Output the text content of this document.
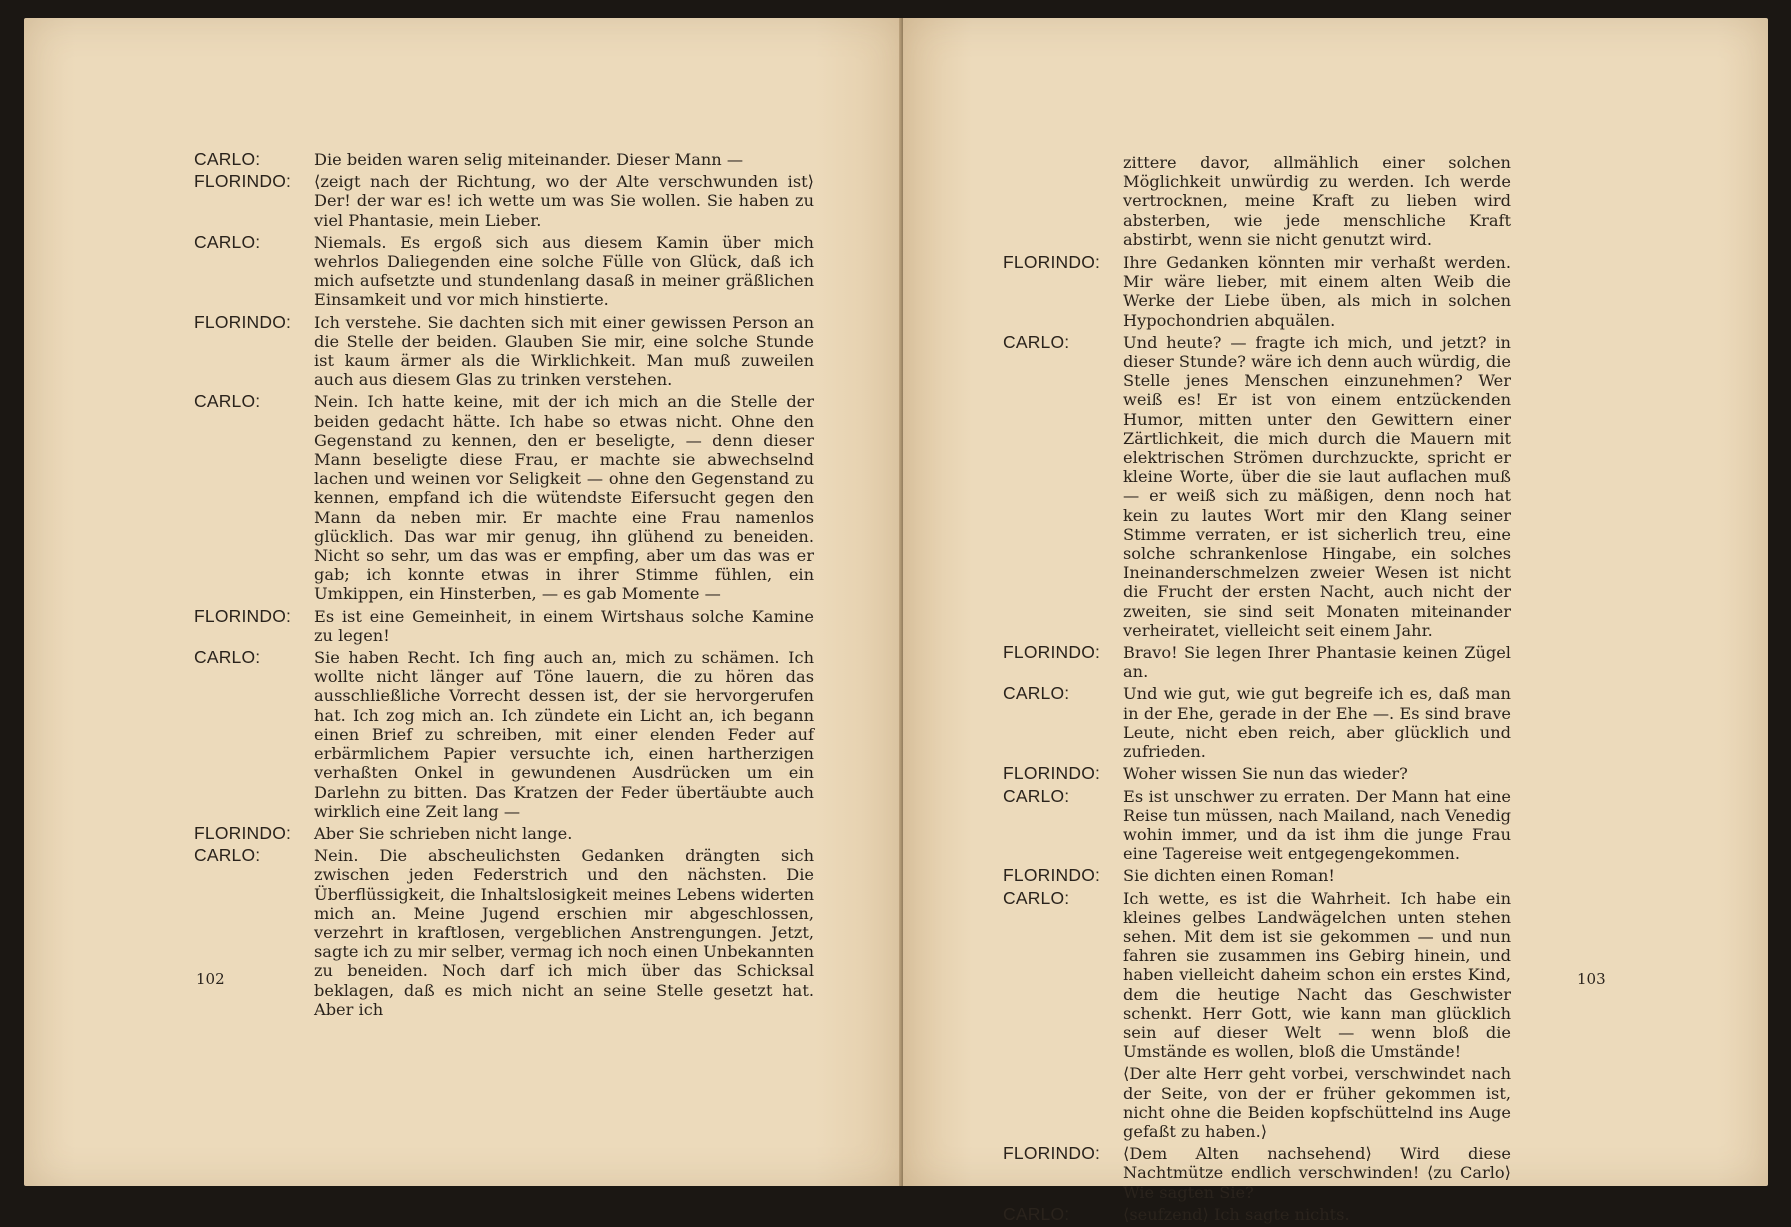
CARLO:	Die beiden waren selig miteinander. Dieser Mann —
FLORINDO:	⟨zeigt nach der Richtung, wo der Alte verschwunden ist⟩ Der! der war es! ich wette um was Sie wollen. Sie haben zu viel Phantasie, mein Lieber.
CARLO:	Niemals. Es ergoß sich aus diesem Kamin über mich wehrlos Daliegenden eine solche Fülle von Glück, daß ich mich aufsetzte und stundenlang dasaß in meiner gräßlichen Einsamkeit und vor mich hinstierte.
FLORINDO:	Ich verstehe. Sie dachten sich mit einer gewissen Person an die Stelle der beiden. Glauben Sie mir, eine solche Stunde ist kaum ärmer als die Wirklichkeit. Man muß zuweilen auch aus diesem Glas zu trinken verstehen.
CARLO:	Nein. Ich hatte keine, mit der ich mich an die Stelle der beiden gedacht hätte. Ich habe so etwas nicht. Ohne den Gegenstand zu kennen, den er beseligte, — denn dieser Mann beseligte diese Frau, er machte sie abwechselnd lachen und weinen vor Seligkeit — ohne den Gegenstand zu kennen, empfand ich die wütendste Eifersucht gegen den Mann da neben mir. Er machte eine Frau namenlos glücklich. Das war mir genug, ihn glühend zu beneiden. Nicht so sehr, um das was er empfing, aber um das was er gab; ich konnte etwas in ihrer Stimme fühlen, ein Umkippen, ein Hinsterben, — es gab Momente —
FLORINDO:	Es ist eine Gemeinheit, in einem Wirtshaus solche Kamine zu legen!
CARLO:	Sie haben Recht. Ich fing auch an, mich zu schämen. Ich wollte nicht länger auf Töne lauern, die zu hören das ausschließliche Vorrecht dessen ist, der sie hervorgerufen hat. Ich zog mich an. Ich zündete ein Licht an, ich begann einen Brief zu schreiben, mit einer elenden Feder auf erbärmlichem Papier versuchte ich, einen hartherzigen verhaßten Onkel in gewundenen Ausdrücken um ein Darlehn zu bitten. Das Kratzen der Feder übertäubte auch wirklich eine Zeit lang —
FLORINDO:	Aber Sie schrieben nicht lange.
CARLO:	Nein. Die abscheulichsten Gedanken drängten sich zwischen jeden Federstrich und den nächsten. Die Überflüssigkeit, die Inhaltslosigkeit meines Lebens widerten mich an. Meine Jugend erschien mir abgeschlossen, verzehrt in kraftlosen, vergeblichen Anstrengungen. Jetzt, sagte ich zu mir selber, vermag ich noch einen Unbekannten zu beneiden. Noch darf ich mich über das Schicksal beklagen, daß es mich nicht an seine Stelle gesetzt hat. Aber ich
102
zittere davor, allmählich einer solchen Möglichkeit unwürdig zu werden. Ich werde vertrocknen, meine Kraft zu lieben wird absterben, wie jede menschliche Kraft abstirbt, wenn sie nicht genutzt wird.
FLORINDO:	Ihre Gedanken könnten mir verhaßt werden. Mir wäre lieber, mit einem alten Weib die Werke der Liebe üben, als mich in solchen Hypochondrien abquälen.
CARLO:	Und heute? — fragte ich mich, und jetzt? in dieser Stunde? wäre ich denn auch würdig, die Stelle jenes Menschen einzunehmen? Wer weiß es! Er ist von einem entzückenden Humor, mitten unter den Gewittern einer Zärtlichkeit, die mich durch die Mauern mit elektrischen Strömen durchzuckte, spricht er kleine Worte, über die sie laut auflachen muß — er weiß sich zu mäßigen, denn noch hat kein zu lautes Wort mir den Klang seiner Stimme verraten, er ist sicherlich treu, eine solche schrankenlose Hingabe, ein solches Ineinanderschmelzen zweier Wesen ist nicht die Frucht der ersten Nacht, auch nicht der zweiten, sie sind seit Monaten miteinander verheiratet, vielleicht seit einem Jahr.
FLORINDO:	Bravo! Sie legen Ihrer Phantasie keinen Zügel an.
CARLO:	Und wie gut, wie gut begreife ich es, daß man in der Ehe, gerade in der Ehe —. Es sind brave Leute, nicht eben reich, aber glücklich und zufrieden.
FLORINDO:	Woher wissen Sie nun das wieder?
CARLO:	Es ist unschwer zu erraten. Der Mann hat eine Reise tun müssen, nach Mailand, nach Venedig wohin immer, und da ist ihm die junge Frau eine Tagereise weit entgegengekommen.
FLORINDO:	Sie dichten einen Roman!
CARLO:	Ich wette, es ist die Wahrheit. Ich habe ein kleines gelbes Landwägelchen unten stehen sehen. Mit dem ist sie gekommen — und nun fahren sie zusammen ins Gebirg hinein, und haben vielleicht daheim schon ein erstes Kind, dem die heutige Nacht das Geschwister schenkt. Herr Gott, wie kann man glücklich sein auf dieser Welt — wenn bloß die Umstände es wollen, bloß die Umstände!
⟨Der alte Herr geht vorbei, verschwindet nach der Seite, von der er früher gekommen ist, nicht ohne die Beiden kopfschüttelnd ins Auge gefaßt zu haben.⟩
FLORINDO:	⟨Dem Alten nachsehend⟩ Wird diese Nachtmütze endlich verschwinden! ⟨zu Carlo⟩ Wie sagten Sie?
CARLO:	⟨seufzend⟩ Ich sagte nichts.
103
